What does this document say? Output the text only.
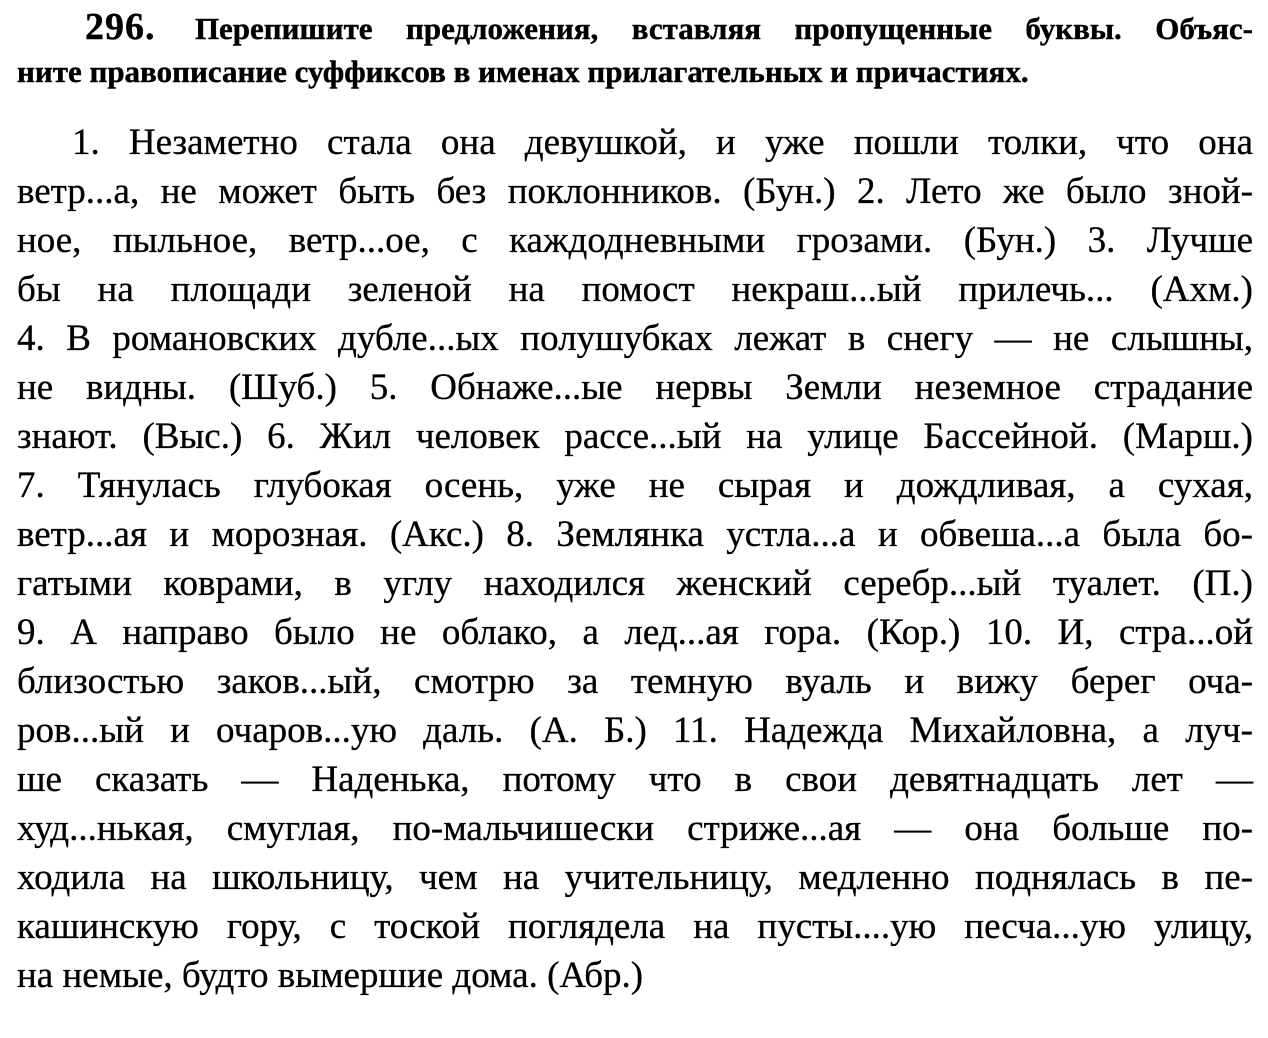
296. Перепишите предложения, вставляя пропущенные буквы. Объяс-
ните правописание суффиксов в именах прилагательных и причастиях.
1. Незаметно стала она девушкой, и уже пошли толки, что она
ветр...а, не может быть без поклонников. (Бун.) 2. Лето же было зной-
ное, пыльное, ветр...ое, с каждодневными грозами. (Бун.) 3. Лучше
бы на площади зеленой на помост некраш...ый прилечь... (Ахм.)
4. В романовских дубле...ых полушубках лежат в снегу — не слышны,
не видны. (Шуб.) 5. Обнаже...ые нервы Земли неземное страдание
знают. (Выс.) 6. Жил человек рассе...ый на улице Бассейной. (Марш.)
7. Тянулась глубокая осень, уже не сырая и дождливая, а сухая,
ветр...ая и морозная. (Акс.) 8. Землянка устла...а и обвеша...а была бо-
гатыми коврами, в углу находился женский серебр...ый туалет. (П.)
9. А направо было не облако, а лед...ая гора. (Кор.) 10. И, стра...ой
близостью заков...ый, смотрю за темную вуаль и вижу берег оча-
ров...ый и очаров...ую даль. (А. Б.) 11. Надежда Михайловна, а луч-
ше сказать — Наденька, потому что в свои девятнадцать лет —
худ...нькая, смуглая, по-мальчишески стриже...ая — она больше по-
ходила на школьницу, чем на учительницу, медленно поднялась в пе-
кашинскую гору, с тоской поглядела на пусты....ую песча...ую улицу,
на немые, будто вымершие дома. (Абр.)
